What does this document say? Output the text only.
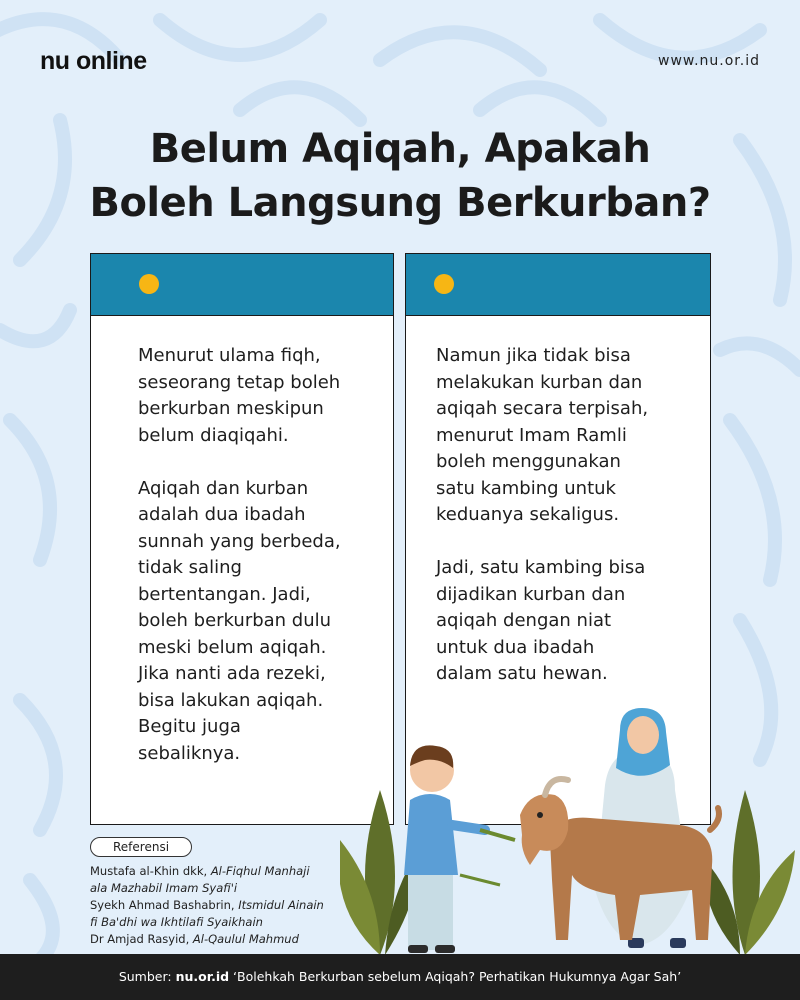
nu online	www.nu.or.id
Belum Aqiqah, Apakah
Boleh Langsung Berkurban?

Menurut ulama fiqh,
seseorang tetap boleh
berkurban meskipun
belum diaqiqahi.

Aqiqah dan kurban
adalah dua ibadah
sunnah yang berbeda,
tidak saling
bertentangan. Jadi,
boleh berkurban dulu
meski belum aqiqah.
Jika nanti ada rezeki,
bisa lakukan aqiqah.
Begitu juga
sebaliknya.

Namun jika tidak bisa
melakukan kurban dan
aqiqah secara terpisah,
menurut Imam Ramli
boleh menggunakan
satu kambing untuk
keduanya sekaligus.

Jadi, satu kambing bisa
dijadikan kurban dan
aqiqah dengan niat
untuk dua ibadah
dalam satu hewan.

Referensi
Mustafa al-Khin dkk, Al-Fiqhul Manhaji
ala Mazhabil Imam Syafi'i
Syekh Ahmad Bashabrin, Itsmidul Ainain
fi Ba'dhi wa Ikhtilafi Syaikhain
Dr Amjad Rasyid, Al-Qaulul Mahmud
Sumber: nu.or.id ‘Bolehkah Berkurban sebelum Aqiqah? Perhatikan Hukumnya Agar Sah’
